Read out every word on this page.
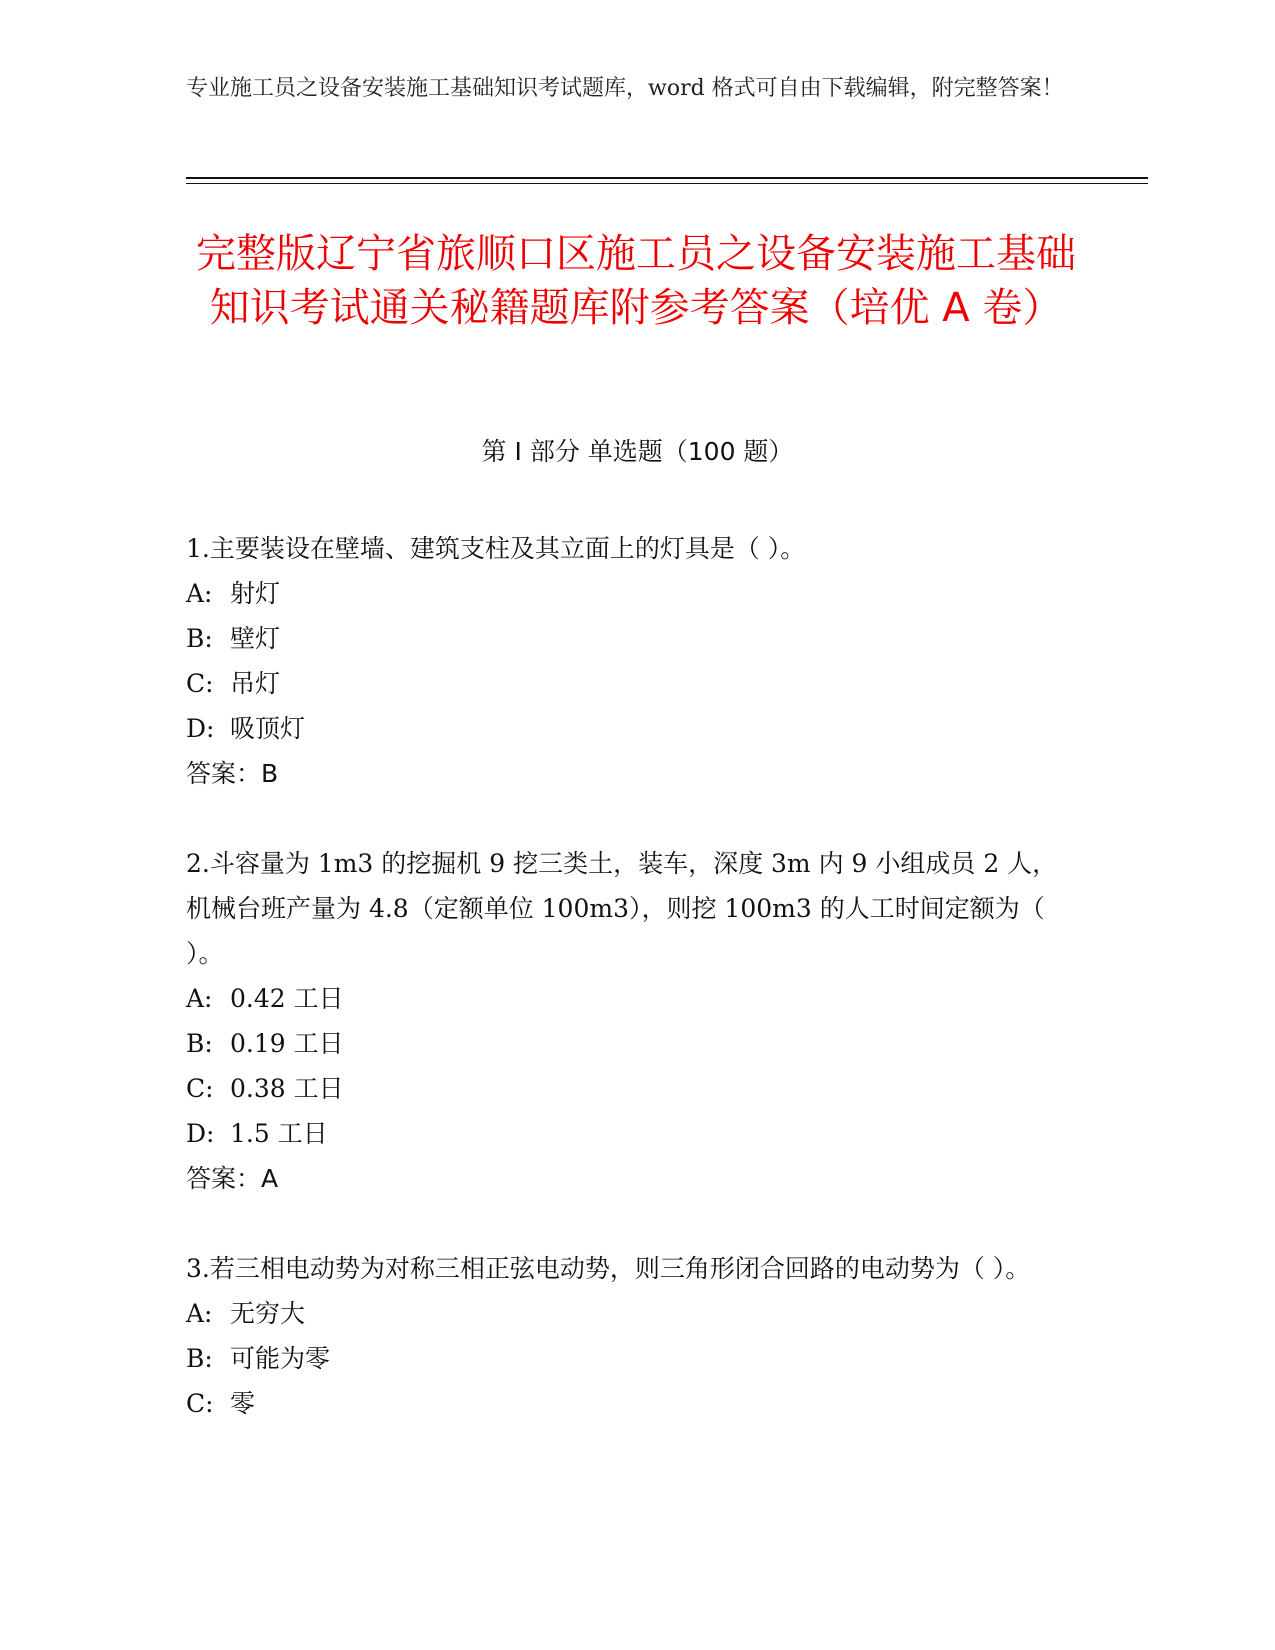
专业施工员之设备安装施工基础知识考试题库，word 格式可自由下载编辑，附完整答案！
完整版辽宁省旅顺口区施工员之设备安装施工基础知识考试通关秘籍题库附参考答案（培优 A 卷）
第 I 部分 单选题（100 题）
1.主要装设在壁墙、建筑支柱及其立面上的灯具是（ ）。
A: 射灯
B: 壁灯
C: 吊灯
D: 吸顶灯
答案：B
2.斗容量为 1m3 的挖掘机 9 挖三类土，装车，深度 3m 内 9 小组成员 2 人，机械台班产量为 4.8（定额单位 100m3），则挖 100m3 的人工时间定额为（ ）。
A: 0.42 工日
B: 0.19 工日
C: 0.38 工日
D: 1.5 工日
答案：A
3.若三相电动势为对称三相正弦电动势，则三角形闭合回路的电动势为（ ）。
A: 无穷大
B: 可能为零
C: 零
